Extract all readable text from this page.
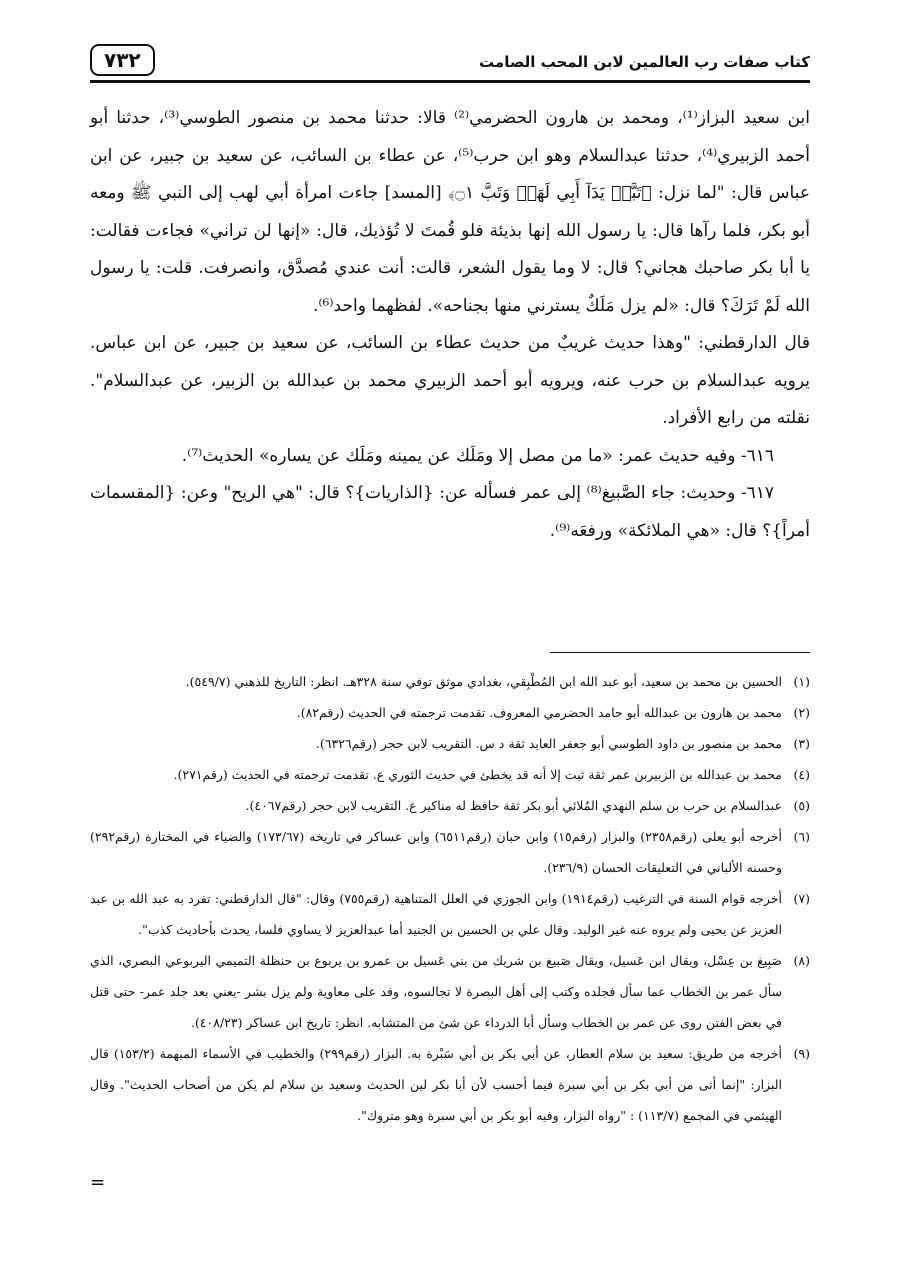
كتاب صفات رب العالمين لابن المحب الصامت
٧٣٢

ابن سعيد البزاز⁽¹⁾، ومحمد بن هارون الحضرمي⁽²⁾ قالا: حدثنا محمد بن منصور الطوسي⁽³⁾، حدثنا أبو أحمد الزبيري⁽⁴⁾، حدثنا عبدالسلام وهو ابن حرب⁽⁵⁾، عن عطاء بن السائب، عن سعيد بن جبير، عن ابن عباس قال: "لما نزل: ﴿تَبَّتۡ يَدَآ أَبِي لَهَبٖ وَتَبَّ ۝١﴾ [المسد] جاءت امرأة أبي لهب إلى النبي ﷺ ومعه أبو بكر، فلما رآها قال: يا رسول الله إنها بذيئة فلو قُمتَ لا تُؤذيك، قال: «إنها لن تراني» فجاءت فقالت: يا أبا بكر صاحبك هجاني؟ قال: لا وما يقول الشعر، قالت: أنت عندي مُصدَّق، وانصرفت. قلت: يا رسول الله لَمْ تَرَكَ؟ قال: «لم يزل مَلَكٌ يسترني منها بجناحه». لفظهما واحد⁽⁶⁾.

قال الدارقطني: "وهذا حديث غريبٌ من حديث عطاء بن السائب، عن سعيد بن جبير، عن ابن عباس. يرويه عبدالسلام بن حرب عنه، ويرويه أبو أحمد الزبيري محمد بن عبدالله بن الزبير، عن عبدالسلام". نقلته من رابع الأفراد.

٦١٦- وفيه حديث عمر: «ما من مصل إلا ومَلَك عن يمينه ومَلَك عن يساره» الحديث⁽⁷⁾.

٦١٧- وحديث: جاء الصَّبيغ⁽⁸⁾ إلى عمر فسأله عن: {الذاريات}؟ قال: "هي الريح" وعن: {المقسمات أمراً}؟ قال: «هي الملائكة» ورفعَه⁽⁹⁾.

(١)
الحسين بن محمد بن سعيد، أبو عبد الله ابن المُطْبِقي، بغدادي موثق توفي سنة ٣٢٨هـ. انظر: التاريخ للذهبي (٥٤٩/٧).

(٢)
محمد بن هارون بن عبدالله أبو حامد الحضرمي المعروف. تقدمت ترجمته في الحديث (رقم٨٢).

(٣)
محمد بن منصور بن داود الطوسي أبو جعفر العابد ثقة د س. التقريب لابن حجر (رقم٦٣٢٦).

(٤)
محمد بن عبدالله بن الزبيربن عمر ثقة ثبت إلا أنه قد يخطئ في حديث الثوري ع. تقدمت ترجمته في الحديث (رقم٢٧١).

(٥)
عبدالسلام بن حرب بن سلم النهدي المُلائي أبو بكر ثقة حافظ له مناكير ع. التقريب لابن حجر (رقم٤٠٦٧).

(٦)
أخرجه أبو يعلى (رقم٢٣٥٨) والبزار (رقم١٥) وابن حبان (رقم٦٥١١) وابن عساكر في تاريخه (١٧٣/٦٧) والضياء في المختارة (رقم٢٩٢) وحسنه الألباني في التعليقات الحسان (٢٣٦/٩).

(٧)
أخرجه قوام السنة في الترغيب (رقم١٩١٤) وابن الجوزي في العلل المتناهية (رقم٧٥٥) وقال: "قال الدارقطني: تفرد به عبد الله بن عبد العزيز عن يحيى ولم يروه عنه غير الوليد. وقال علي بن الحسين بن الجنيد أما عبدالعزيز لا يساوي فلسا، يحدث بأحاديث كذب".

(٨)
صَبِيغ بن عِسْل، ويقال ابن عَسيل، ويقال صَبيغ بن شريك من بني عَسيل بن عمرو بن يربوع بن حنظلة التميمي اليربوعي البصري، الذي سأل عمر بن الخطاب عما سأل فجلده وكتب إلى أهل البصرة لا تجالسوه، وفد على معاوية ولم يزل بشر -يعني بعد جلد عمر- حتى قتل في بعض الفتن روى عن عمر بن الخطاب وسأل أبا الدرداء عن شئ من المتشابه. انظر: تاريخ ابن عساكر (٤٠٨/٢٣).

(٩)
أخرجه من طريق: سعيد بن سلام العطار، عن أبي بكر بن أبي سَبْرة به. البزار (رقم٢٩٩) والخطيب في الأسماء المبهمة (١٥٣/٢) قال البزار: "إنما أتى من أبي بكر بن أبي سبرة فيما أحسب لأن أبا بكر لين الحديث وسعيد بن سلام لم يكن من أصحاب الحديث". وقال الهيثمي في المجمع (١١٣/٧) : "رواه البزار، وفيه أبو بكر بن أبي سبرة وهو متروك".

=
